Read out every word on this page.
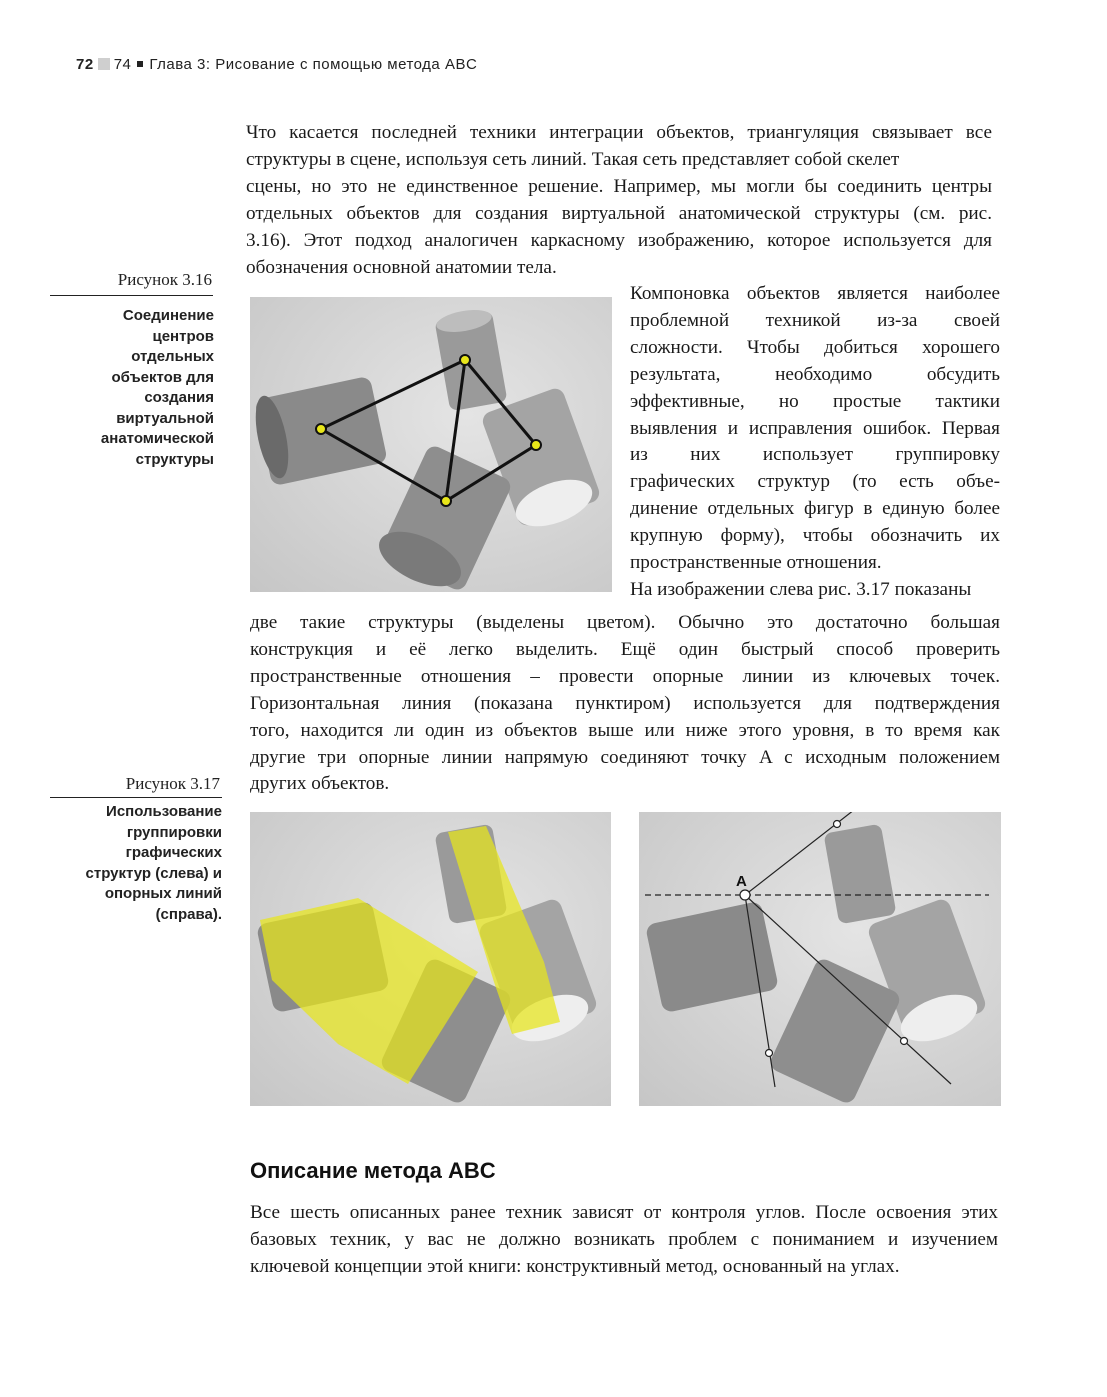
72 74 Глава 3: Рисование с помощью метода ABC
Что касается последней техники интеграции объектов, триангуляция связывает все
структуры в сцене, используя сеть линий. Такая сеть представляет собой скелет
сцены, но это не единственное решение. Например, мы могли бы соединить центры
отдельных объектов для создания виртуальной анатомической структуры (см. рис.
3.16). Этот подход аналогичен каркасному изображению, которое используется для
обозначения основной анатомии тела.
Рисунок 3.16
Соединение
центров
отдельных
объектов для
создания
виртуальной
анатомической
структуры
Компоновка объектов является наиболее
проблемной техникой из-за своей
сложности. Чтобы добиться хорошего
результата, необходимо обсудить
эффективные, но простые тактики
выявления и исправления ошибок. Первая
из них использует группировку
графических структур (то есть объе-
динение отдельных фигур в единую более
крупную форму), чтобы обозначить их
пространственные отношения.
На изображении слева рис. 3.17 показаны
две такие структуры (выделены цветом). Обычно это достаточно большая
конструкция и её легко выделить. Ещё один быстрый способ проверить
пространственные отношения – провести опорные линии из ключевых точек.
Горизонтальная линия (показана пунктиром) используется для подтверждения
того, находится ли один из объектов выше или ниже этого уровня, в то время как
другие три опорные линии напрямую соединяют точку A с исходным положением
других объектов.
Рисунок 3.17
Использование
группировки
графических
структур (слева) и
опорных линий
(справа).
A
Описание метода ABC
Все шесть описанных ранее техник зависят от контроля углов. После освоения этих
базовых техник, у вас не должно возникать проблем с пониманием и изучением
ключевой концепции этой книги: конструктивный метод, основанный на углах.
